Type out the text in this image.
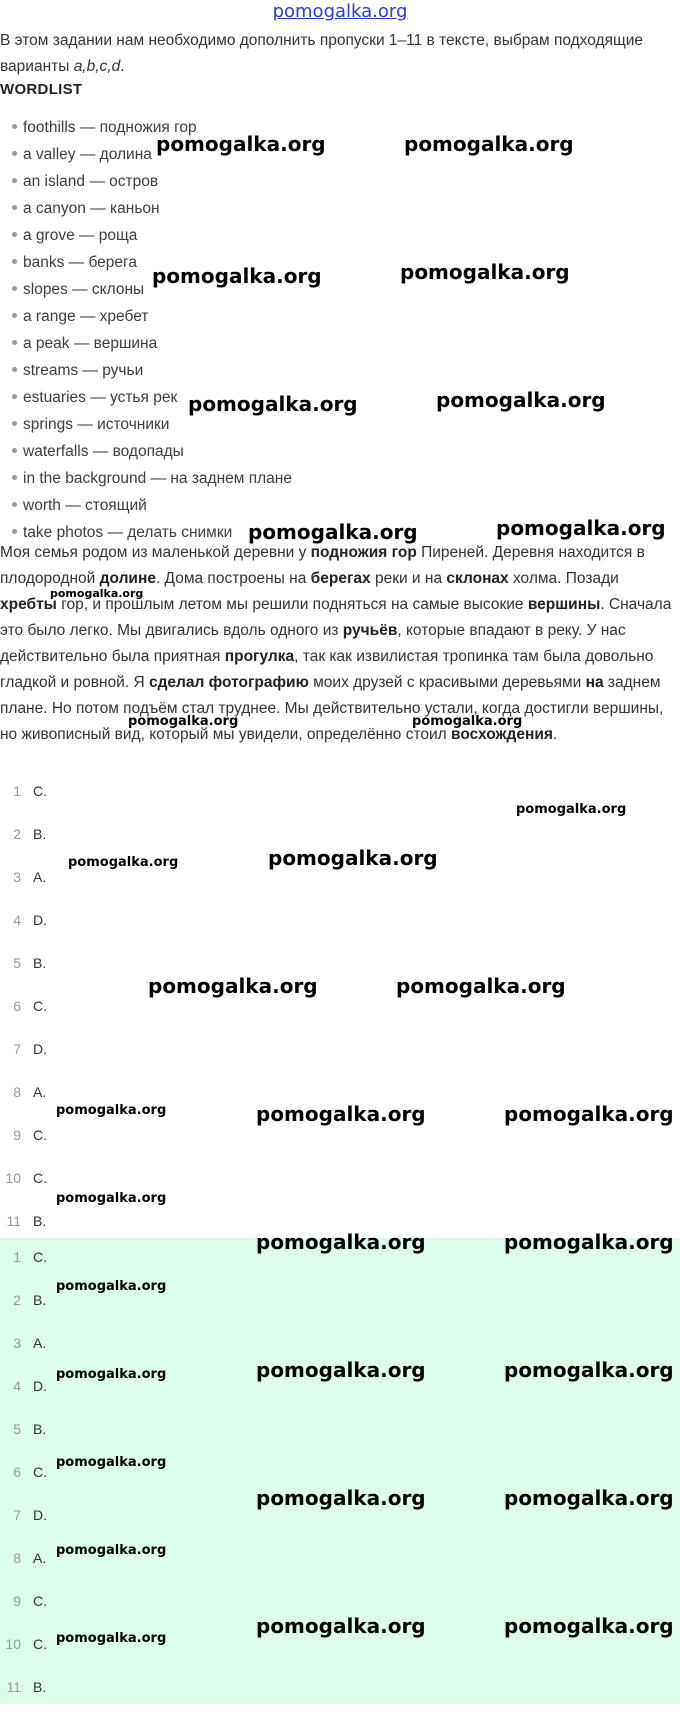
pomogalka.org
В этом задании нам необходимо дополнить пропуски 1–11 в тексте, выбрам подходящие варианты a,b,c,d.
WORDLIST
foothills — подножия гор
a valley — долина
an island — остров
a canyon — каньон
a grove — роща
banks — берега
slopes — склоны
a range — хребет
a peak — вершина
streams — ручьи
estuaries — устья рек
springs — источники
waterfalls — водопады
in the background — на заднем плане
worth — стоящий
take photos — делать снимки
Моя семья родом из маленькой деревни у подножия гор Пиреней. Деревня находится в плодородной долине. Дома построены на берегах реки и на склонах холма. Позади хребты гор, и прошлым летом мы решили подняться на самые высокие вершины. Сначала это было легко. Мы двигались вдоль одного из ручьёв, которые впадают в реку. У нас действительно была приятная прогулка, так как извилистая тропинка там была довольно гладкой и ровной. Я сделал фотографию моих друзей с красивыми деревьями на заднем плане. Но потом подъём стал труднее. Мы действительно устали, когда достигли вершины, но живописный вид, который мы увидели, определённо стоил восхождения.
1 C.
2 B.
3 A.
4 D.
5 B.
6 C.
7 D.
8 A.
9 C.
10 C.
11 B.
1 C.
2 B.
3 A.
4 D.
5 B.
6 C.
7 D.
8 A.
9 C.
10 C.
11 B.
pomogalka.org	pomogalka.org
pomogalka.org	pomogalka.org
pomogalka.org	pomogalka.org
pomogalka.org	pomogalka.org
pomogalka.org
pomogalka.org	pomogalka.org
pomogalka.org
pomogalka.org	pomogalka.org
pomogalka.org	pomogalka.org
pomogalka.org	pomogalka.org	pomogalka.org
pomogalka.org
pomogalka.org	pomogalka.org
pomogalka.org
pomogalka.org	pomogalka.org	pomogalka.org
pomogalka.org
pomogalka.org	pomogalka.org
pomogalka.org
pomogalka.org
pomogalka.org	pomogalka.org
